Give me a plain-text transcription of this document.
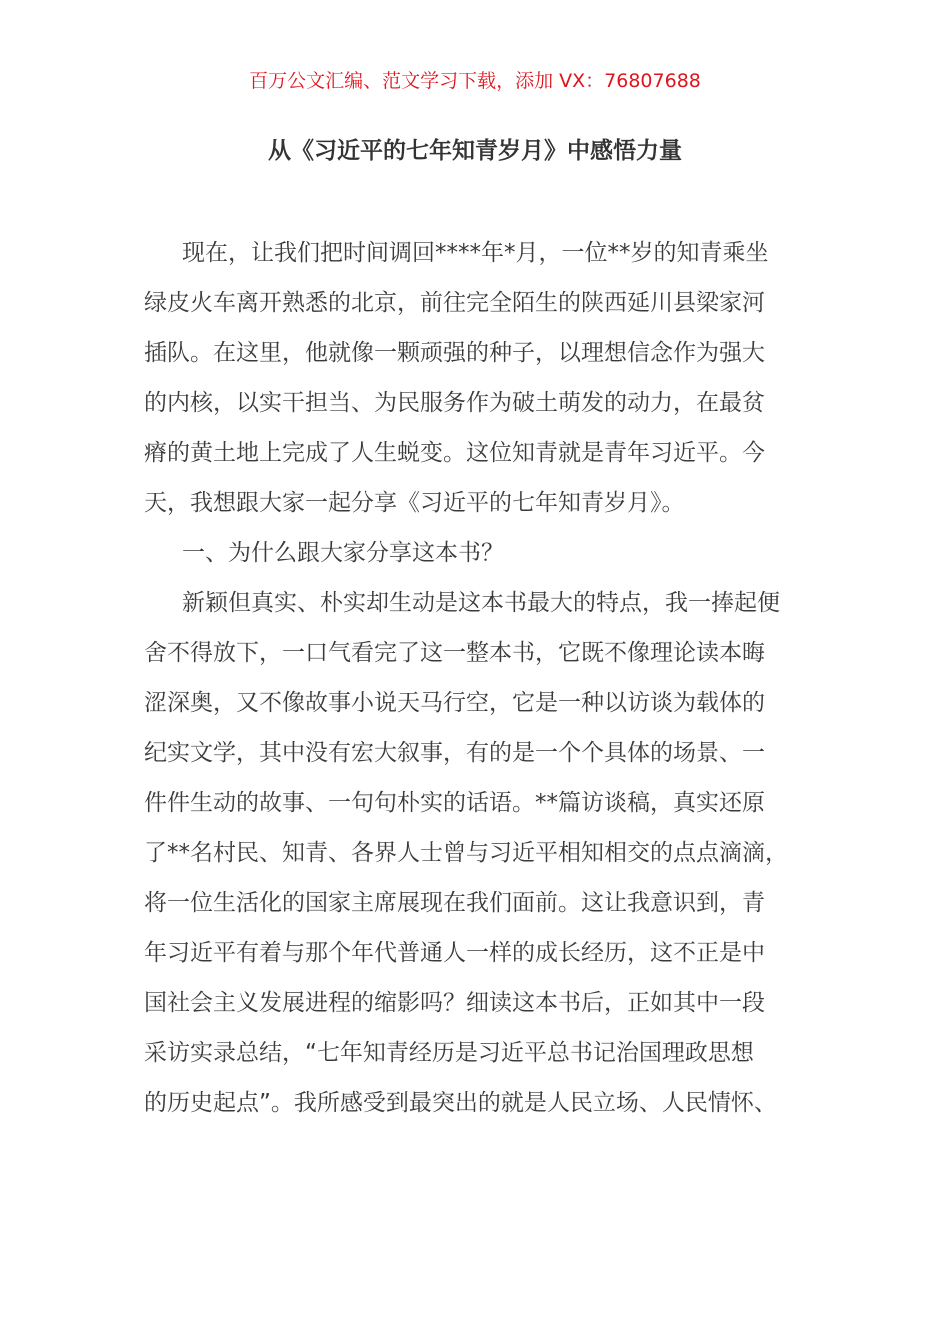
百万公文汇编、范文学习下载，添加 VX：76807688
从《习近平的七年知青岁月》中感悟力量
现在，让我们把时间调回****年*月，一位**岁的知青乘坐
绿皮火车离开熟悉的北京，前往完全陌生的陕西延川县梁家河
插队。在这里，他就像一颗顽强的种子，以理想信念作为强大
的内核，以实干担当、为民服务作为破土萌发的动力，在最贫
瘠的黄土地上完成了人生蜕变。这位知青就是青年习近平。今
天，我想跟大家一起分享《习近平的七年知青岁月》。
一、为什么跟大家分享这本书？
新颖但真实、朴实却生动是这本书最大的特点，我一捧起便
舍不得放下，一口气看完了这一整本书，它既不像理论读本晦
涩深奥，又不像故事小说天马行空，它是一种以访谈为载体的
纪实文学，其中没有宏大叙事，有的是一个个具体的场景、一
件件生动的故事、一句句朴实的话语。**篇访谈稿，真实还原
了**名村民、知青、各界人士曾与习近平相知相交的点点滴滴，
将一位生活化的国家主席展现在我们面前。这让我意识到，青
年习近平有着与那个年代普通人一样的成长经历，这不正是中
国社会主义发展进程的缩影吗？细读这本书后，正如其中一段
采访实录总结，“七年知青经历是习近平总书记治国理政思想
的历史起点”。我所感受到最突出的就是人民立场、人民情怀、
